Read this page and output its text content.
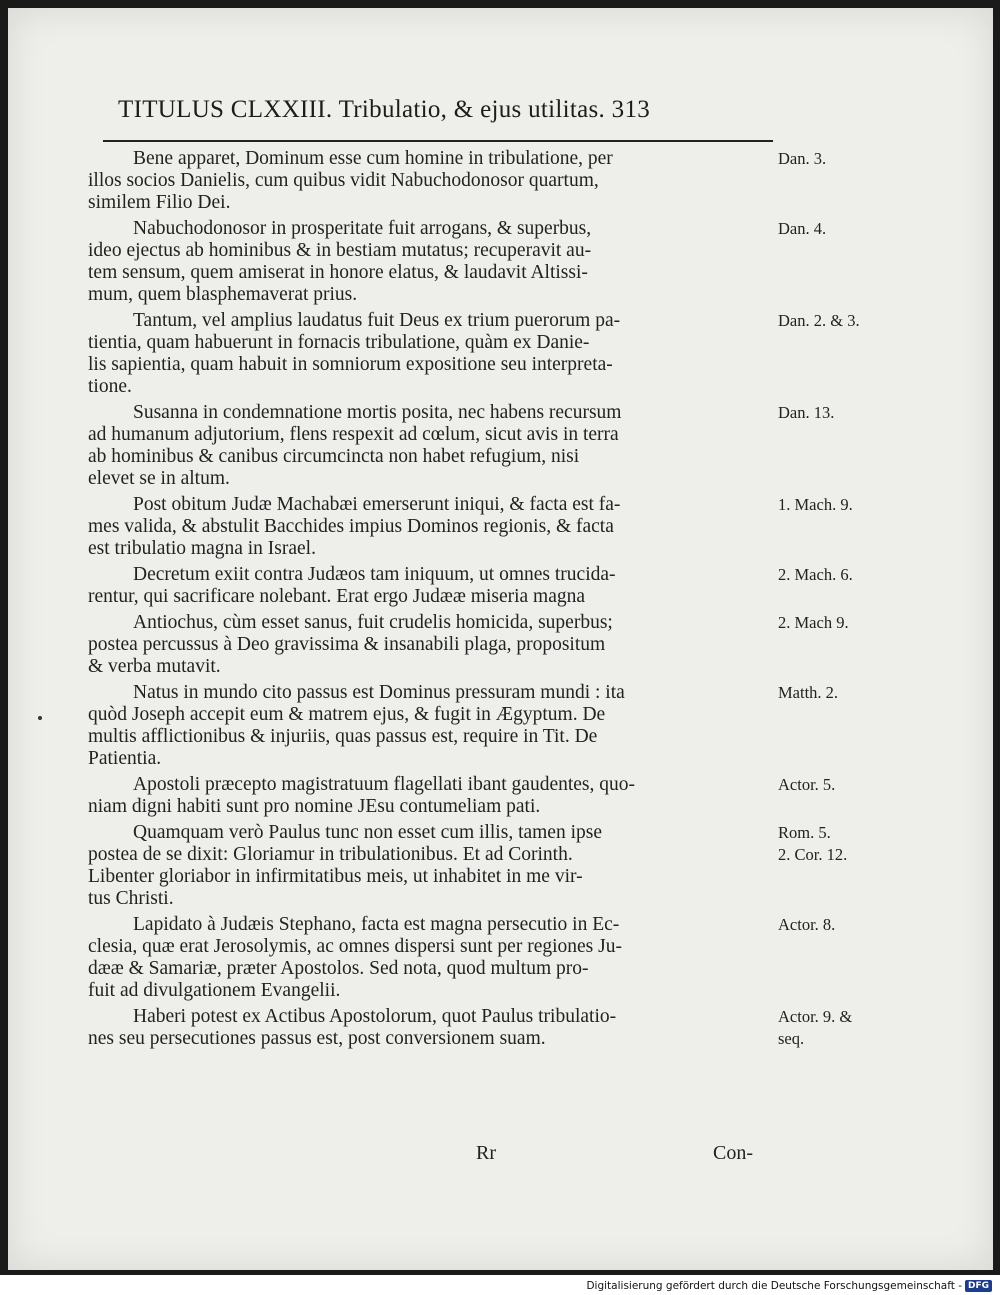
TITULUS CLXXIII. Tribulatio, & ejus utilitas. 313
Bene apparet, Dominum esse cum homine in tribulatione, per
illos socios Danielis, cum quibus vidit Nabuchodonosor quartum,
similem Filio Dei.
Dan. 3.
Nabuchodonosor in prosperitate fuit arrogans, & superbus,
ideo ejectus ab hominibus & in bestiam mutatus; recuperavit au-
tem sensum, quem amiserat in honore elatus, & laudavit Altissi-
mum, quem blasphemaverat prius.
Dan. 4.
Tantum, vel amplius laudatus fuit Deus ex trium puerorum pa-
tientia, quam habuerunt in fornacis tribulatione, quàm ex Danie-
lis sapientia, quam habuit in somniorum expositione seu interpreta-
tione.
Dan. 2. & 3.
Susanna in condemnatione mortis posita, nec habens recursum
ad humanum adjutorium, flens respexit ad cœlum, sicut avis in terra
ab hominibus & canibus circumcincta non habet refugium, nisi
elevet se in altum.
Dan. 13.
Post obitum Judæ Machabæi emerserunt iniqui, & facta est fa-
mes valida, & abstulit Bacchides impius Dominos regionis, & facta
est tribulatio magna in Israel.
1. Mach. 9.
Decretum exiit contra Judæos tam iniquum, ut omnes trucida-
rentur, qui sacrificare nolebant. Erat ergo Judææ miseria magna
2. Mach. 6.
Antiochus, cùm esset sanus, fuit crudelis homicida, superbus;
postea percussus à Deo gravissima & insanabili plaga, propositum
& verba mutavit.
2. Mach 9.
Natus in mundo cito passus est Dominus pressuram mundi : ita
quòd Joseph accepit eum & matrem ejus, & fugit in Ægyptum. De
multis afflictionibus & injuriis, quas passus est, require in Tit. De
Patientia.
Matth. 2.
Apostoli præcepto magistratuum flagellati ibant gaudentes, quo-
niam digni habiti sunt pro nomine JEsu contumeliam pati.
Actor. 5.
Quamquam verò Paulus tunc non esset cum illis, tamen ipse
postea de se dixit: Gloriamur in tribulationibus. Et ad Corinth.
Libenter gloriabor in infirmitatibus meis, ut inhabitet in me vir-
tus Christi.
Rom. 5.
2. Cor. 12.
Lapidato à Judæis Stephano, facta est magna persecutio in Ec-
clesia, quæ erat Jerosolymis, ac omnes dispersi sunt per regiones Ju-
dææ & Samariæ, præter Apostolos. Sed nota, quod multum pro-
fuit ad divulgationem Evangelii.
Actor. 8.
Haberi potest ex Actibus Apostolorum, quot Paulus tribulatio-
nes seu persecutiones passus est, post conversionem suam.
Actor. 9. &
seq.
Rr	Con-
Digitalisierung gefördert durch die Deutsche Forschungsgemeinschaft - DFG
